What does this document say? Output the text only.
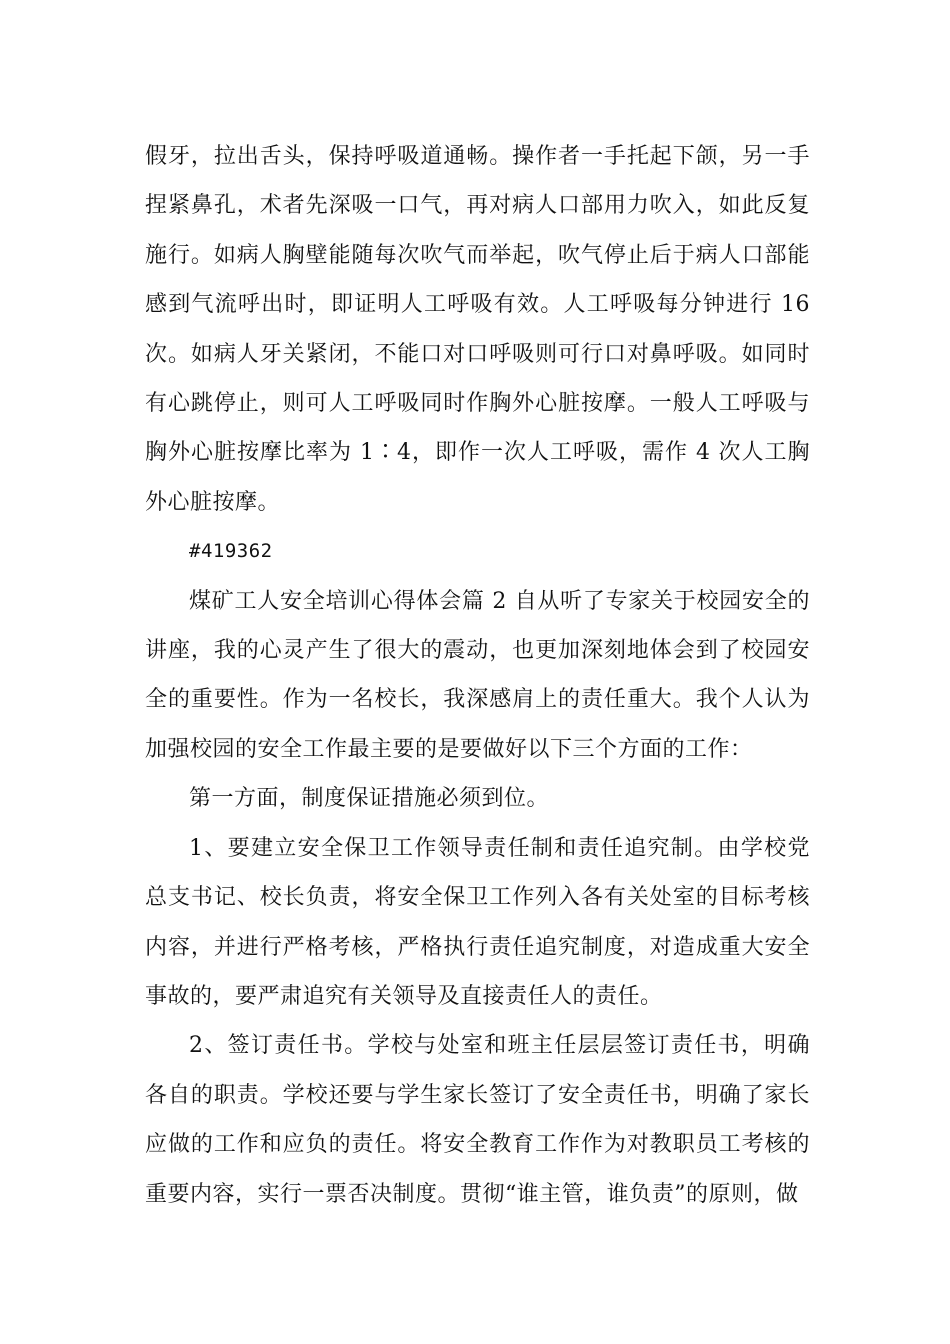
假牙，拉出舌头，保持呼吸道通畅。操作者一手托起下颌，另一手捏紧鼻孔，术者先深吸一口气，再对病人口部用力吹入，如此反复施行。如病人胸壁能随每次吹气而举起，吹气停止后于病人口部能感到气流呼出时，即证明人工呼吸有效。人工呼吸每分钟进行 16 次。如病人牙关紧闭，不能口对口呼吸则可行口对鼻呼吸。如同时有心跳停止，则可人工呼吸同时作胸外心脏按摩。一般人工呼吸与胸外心脏按摩比率为 1∶4，即作一次人工呼吸，需作 4 次人工胸外心脏按摩。

#419362

煤矿工人安全培训心得体会篇 2 自从听了专家关于校园安全的讲座，我的心灵产生了很大的震动，也更加深刻地体会到了校园安全的重要性。作为一名校长，我深感肩上的责任重大。我个人认为加强校园的安全工作最主要的是要做好以下三个方面的工作：

第一方面，制度保证措施必须到位。

1、要建立安全保卫工作领导责任制和责任追究制。由学校党总支书记、校长负责，将安全保卫工作列入各有关处室的目标考核内容，并进行严格考核，严格执行责任追究制度，对造成重大安全事故的，要严肃追究有关领导及直接责任人的责任。

2、签订责任书。学校与处室和班主任层层签订责任书，明确各自的职责。学校还要与学生家长签订了安全责任书，明确了家长应做的工作和应负的责任。将安全教育工作作为对教职员工考核的重要内容，实行一票否决制度。贯彻“谁主管，谁负责”的原则，做
